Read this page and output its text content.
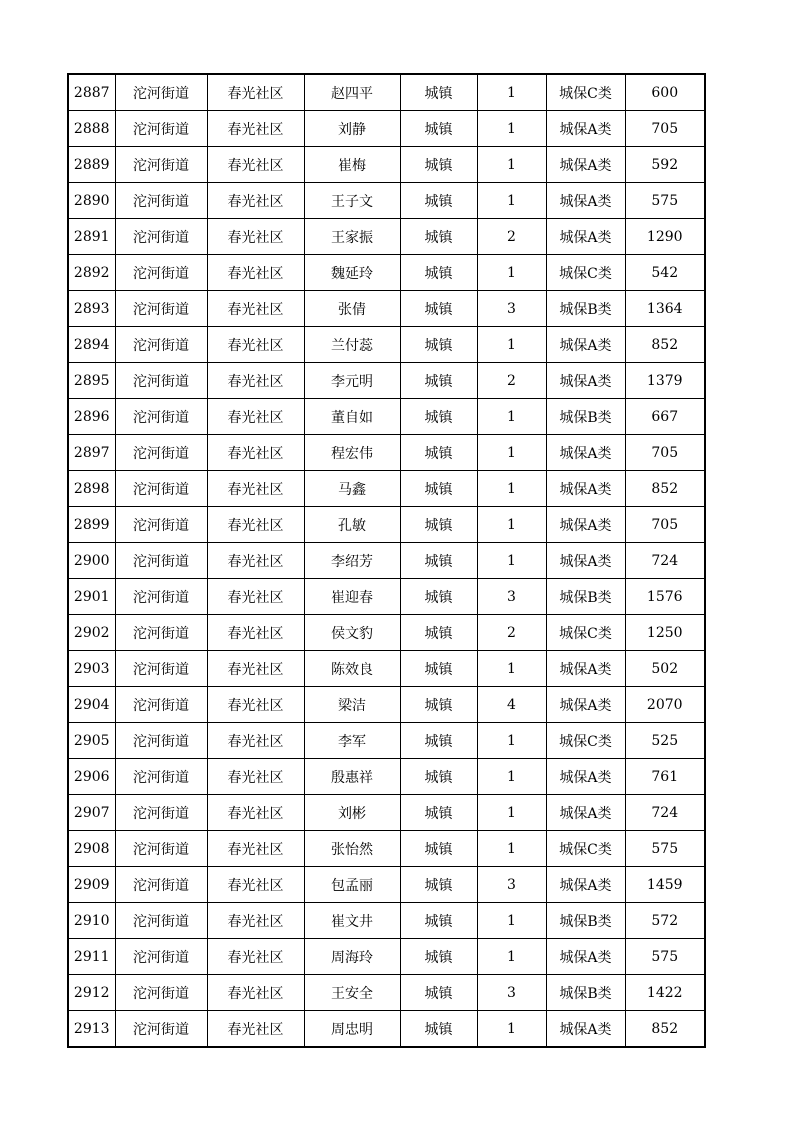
2887	沱河街道	春光社区	赵四平	城镇	1	城保C类	600
2888	沱河街道	春光社区	刘静	城镇	1	城保A类	705
2889	沱河街道	春光社区	崔梅	城镇	1	城保A类	592
2890	沱河街道	春光社区	王子文	城镇	1	城保A类	575
2891	沱河街道	春光社区	王家振	城镇	2	城保A类	1290
2892	沱河街道	春光社区	魏延玲	城镇	1	城保C类	542
2893	沱河街道	春光社区	张倩	城镇	3	城保B类	1364
2894	沱河街道	春光社区	兰付蕊	城镇	1	城保A类	852
2895	沱河街道	春光社区	李元明	城镇	2	城保A类	1379
2896	沱河街道	春光社区	董自如	城镇	1	城保B类	667
2897	沱河街道	春光社区	程宏伟	城镇	1	城保A类	705
2898	沱河街道	春光社区	马鑫	城镇	1	城保A类	852
2899	沱河街道	春光社区	孔敏	城镇	1	城保A类	705
2900	沱河街道	春光社区	李绍芳	城镇	1	城保A类	724
2901	沱河街道	春光社区	崔迎春	城镇	3	城保B类	1576
2902	沱河街道	春光社区	侯文豹	城镇	2	城保C类	1250
2903	沱河街道	春光社区	陈效良	城镇	1	城保A类	502
2904	沱河街道	春光社区	梁洁	城镇	4	城保A类	2070
2905	沱河街道	春光社区	李军	城镇	1	城保C类	525
2906	沱河街道	春光社区	殷惠祥	城镇	1	城保A类	761
2907	沱河街道	春光社区	刘彬	城镇	1	城保A类	724
2908	沱河街道	春光社区	张怡然	城镇	1	城保C类	575
2909	沱河街道	春光社区	包孟丽	城镇	3	城保A类	1459
2910	沱河街道	春光社区	崔文井	城镇	1	城保B类	572
2911	沱河街道	春光社区	周海玲	城镇	1	城保A类	575
2912	沱河街道	春光社区	王安全	城镇	3	城保B类	1422
2913	沱河街道	春光社区	周忠明	城镇	1	城保A类	852
